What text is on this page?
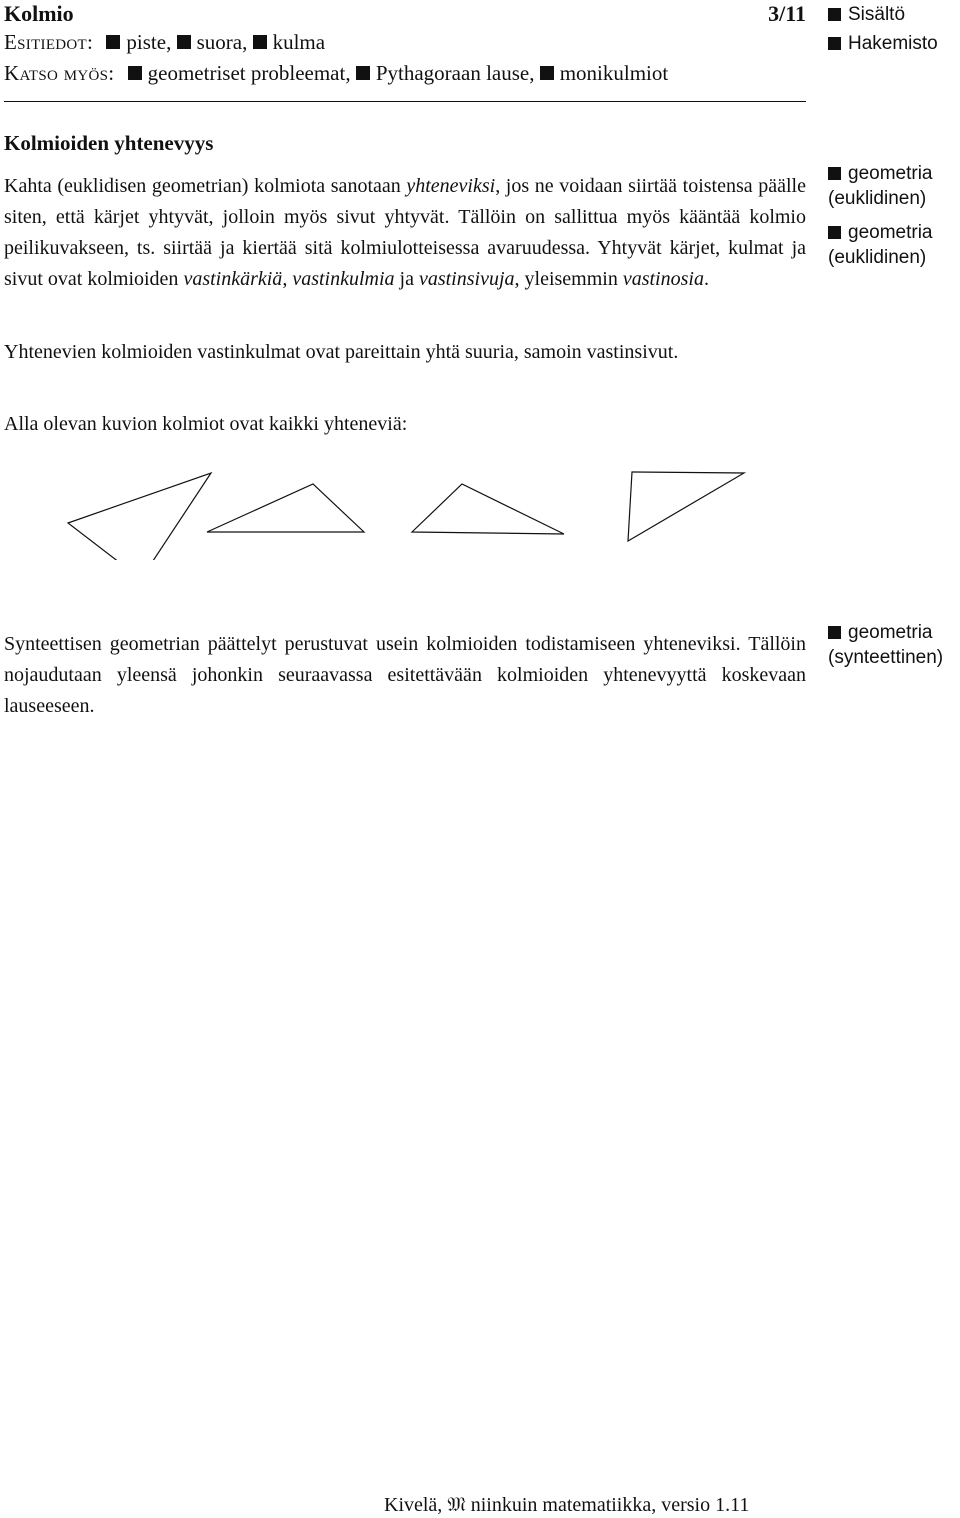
Kolmio	3/11
Esitiedot: piste, suora, kulma
Katso myös: geometriset probleemat, Pythagoraan lause, monikulmiot
Kolmioiden yhtenevyys

Kahta (euklidisen geometrian) kolmiota sanotaan yhteneviksi, jos ne voidaan siirtää toistensa päälle siten, että kärjet yhtyvät, jolloin myös sivut yhtyvät. Tällöin on sallittua myös kääntää kolmio peilikuvakseen, ts. siirtää ja kiertää sitä kolmiulotteisessa avaruudessa. Yhtyvät kärjet, kulmat ja sivut ovat kolmioiden vastinkärkiä, vastinkulmia ja vastinsivuja, yleisemmin vastinosia.

Yhtenevien kolmioiden vastinkulmat ovat pareittain yhtä suuria, samoin vastinsivut.

Alla olevan kuvion kolmiot ovat kaikki yhteneviä:

Synteettisen geometrian päättelyt perustuvat usein kolmioiden todistamiseen yhteneviksi. Tällöin nojaudutaan yleensä johonkin seuraavassa esitettävään kolmioiden yhtenevyyttä koskevaan lauseeseen.

Sisältö
Hakemisto
geometria
(euklidinen)
geometria
(euklidinen)
geometria
(synteettinen)
Kivelä, 𝔐 niinkuin matematiikka, versio 1.11
